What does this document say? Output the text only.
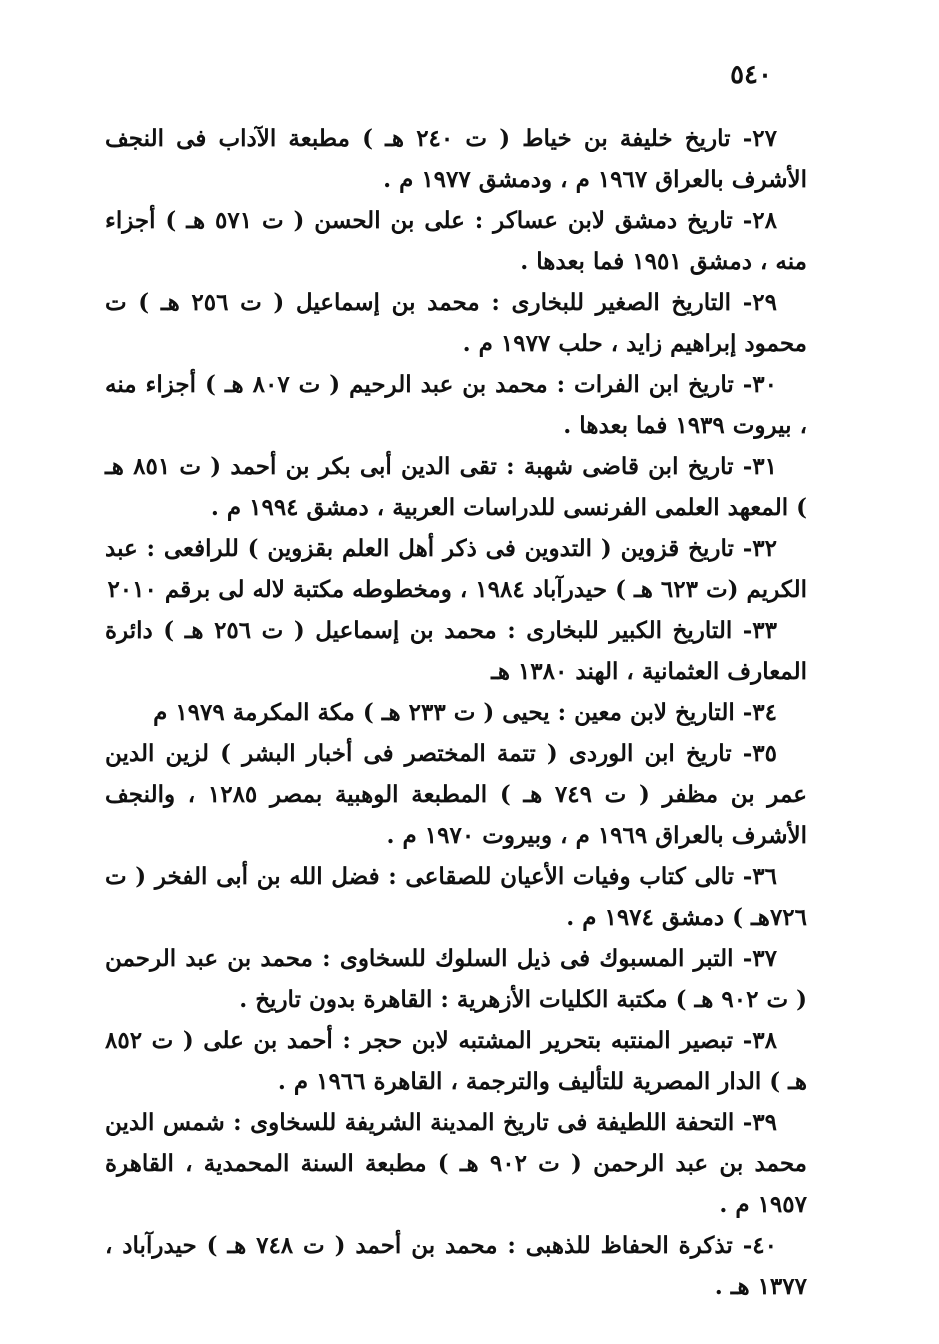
٥٤٠

٢٧- تاريخ خليفة بن خياط ( ت ٢٤٠ هـ ) مطبعة الآداب فى النجف الأشرف بالعراق ١٩٦٧ م ، ودمشق ١٩٧٧ م .

٢٨- تاريخ دمشق لابن عساكر : على بن الحسن ( ت ٥٧١ هـ ) أجزاء منه ، دمشق ١٩٥١ فما بعدها .

٢٩- التاريخ الصغير للبخارى : محمد بن إسماعيل ( ت ٢٥٦ هـ ) ت محمود إبراهيم زايد ، حلب ١٩٧٧ م .

٣٠- تاريخ ابن الفرات : محمد بن عبد الرحيم ( ت ٨٠٧ هـ ) أجزاء منه ، بيروت ١٩٣٩ فما بعدها .

٣١- تاريخ ابن قاضى شهبة : تقى الدين أبى بكر بن أحمد ( ت ٨٥١ هـ ) المعهد العلمى الفرنسى للدراسات العربية ، دمشق ١٩٩٤ م .

٣٢- تاريخ قزوين ( التدوين فى ذكر أهل العلم بقزوين ) للرافعى : عبد الكريم (ت ٦٢٣ هـ ) حيدرآباد ١٩٨٤ ، ومخطوطه مكتبة لاله لى برقم ٢٠١٠

٣٣- التاريخ الكبير للبخارى : محمد بن إسماعيل ( ت ٢٥٦ هـ ) دائرة المعارف العثمانية ، الهند ١٣٨٠ هـ

٣٤- التاريخ لابن معين : يحيى ( ت ٢٣٣ هـ ) مكة المكرمة ١٩٧٩ م

٣٥- تاريخ ابن الوردى ( تتمة المختصر فى أخبار البشر ) لزين الدين عمر بن مظفر ( ت ٧٤٩ هـ ) المطبعة الوهبية بمصر ١٢٨٥ ، والنجف الأشرف بالعراق ١٩٦٩ م ، وبيروت ١٩٧٠ م .

٣٦- تالى كتاب وفيات الأعيان للصقاعى : فضل الله بن أبى الفخر ( ت ٧٢٦هـ ) دمشق ١٩٧٤ م .

٣٧- التبر المسبوك فى ذيل السلوك للسخاوى : محمد بن عبد الرحمن ( ت ٩٠٢ هـ ) مكتبة الكليات الأزهرية : القاهرة بدون تاريخ .

٣٨- تبصير المنتبه بتحرير المشتبه لابن حجر : أحمد بن على ( ت ٨٥٢ هـ ) الدار المصرية للتأليف والترجمة ، القاهرة ١٩٦٦ م .

٣٩- التحفة اللطيفة فى تاريخ المدينة الشريفة للسخاوى : شمس الدين محمد بن عبد الرحمن ( ت ٩٠٢ هـ ) مطبعة السنة المحمدية ، القاهرة ١٩٥٧ م .

٤٠- تذكرة الحفاظ للذهبى : محمد بن أحمد ( ت ٧٤٨ هـ ) حيدرآباد ، ١٣٧٧ هـ .
